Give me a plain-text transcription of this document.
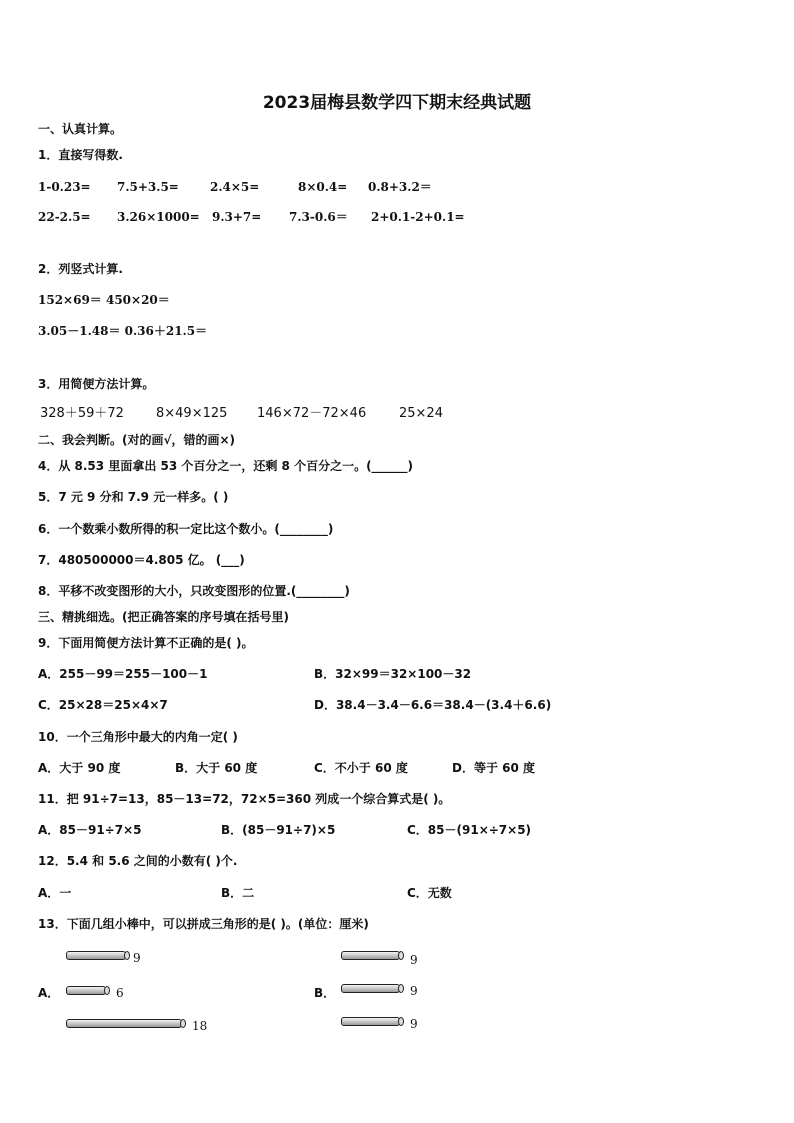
2023届梅县数学四下期末经典试题
一、认真计算。
1．直接写得数.
1-0.23= 7.5+3.5=	2.4×5=	8×0.4= 0.8+3.2＝
22-2.5= 3.26×1000= 9.3+7= 7.3-0.6＝ 2+0.1-2+0.1=
2．列竖式计算.
152×69＝ 450×20＝
3.05－1.48＝ 0.36＋21.5＝
3．用简便方法计算。
328＋59＋72 8×49×125 146×72－72×46	25×24
二、我会判断。(对的画√，错的画×)
4．从 8.53 里面拿出 53 个百分之一，还剩 8 个百分之一。(______)
5．7 元 9 分和 7.9 元一样多。( )
6．一个数乘小数所得的积一定比这个数小。(________)
7．480500000＝4.805 亿。 (___)
8．平移不改变图形的大小，只改变图形的位置.(________)
三、精挑细选。(把正确答案的序号填在括号里)
9．下面用简便方法计算不正确的是( )。
A．255－99＝255－100－1	B．32×99＝32×100－32
C．25×28＝25×4×7	D．38.4－3.4－6.6＝38.4－(3.4＋6.6)
10．一个三角形中最大的内角一定( )
A．大于 90 度	B．大于 60 度	C．不小于 60 度	D．等于 60 度
11．把 91÷7=13，85－13=72，72×5=360 列成一个综合算式是( )。
A．85－91÷7×5	B．(85－91÷7)×5	C．85－(91×÷7×5)
12．5.4 和 5.6 之间的小数有( )个.
A．一	B．二	C．无数
13．下面几组小棒中，可以拼成三角形的是( )。(单位：厘米)
A．
9
6
18
B．
9
9
9
